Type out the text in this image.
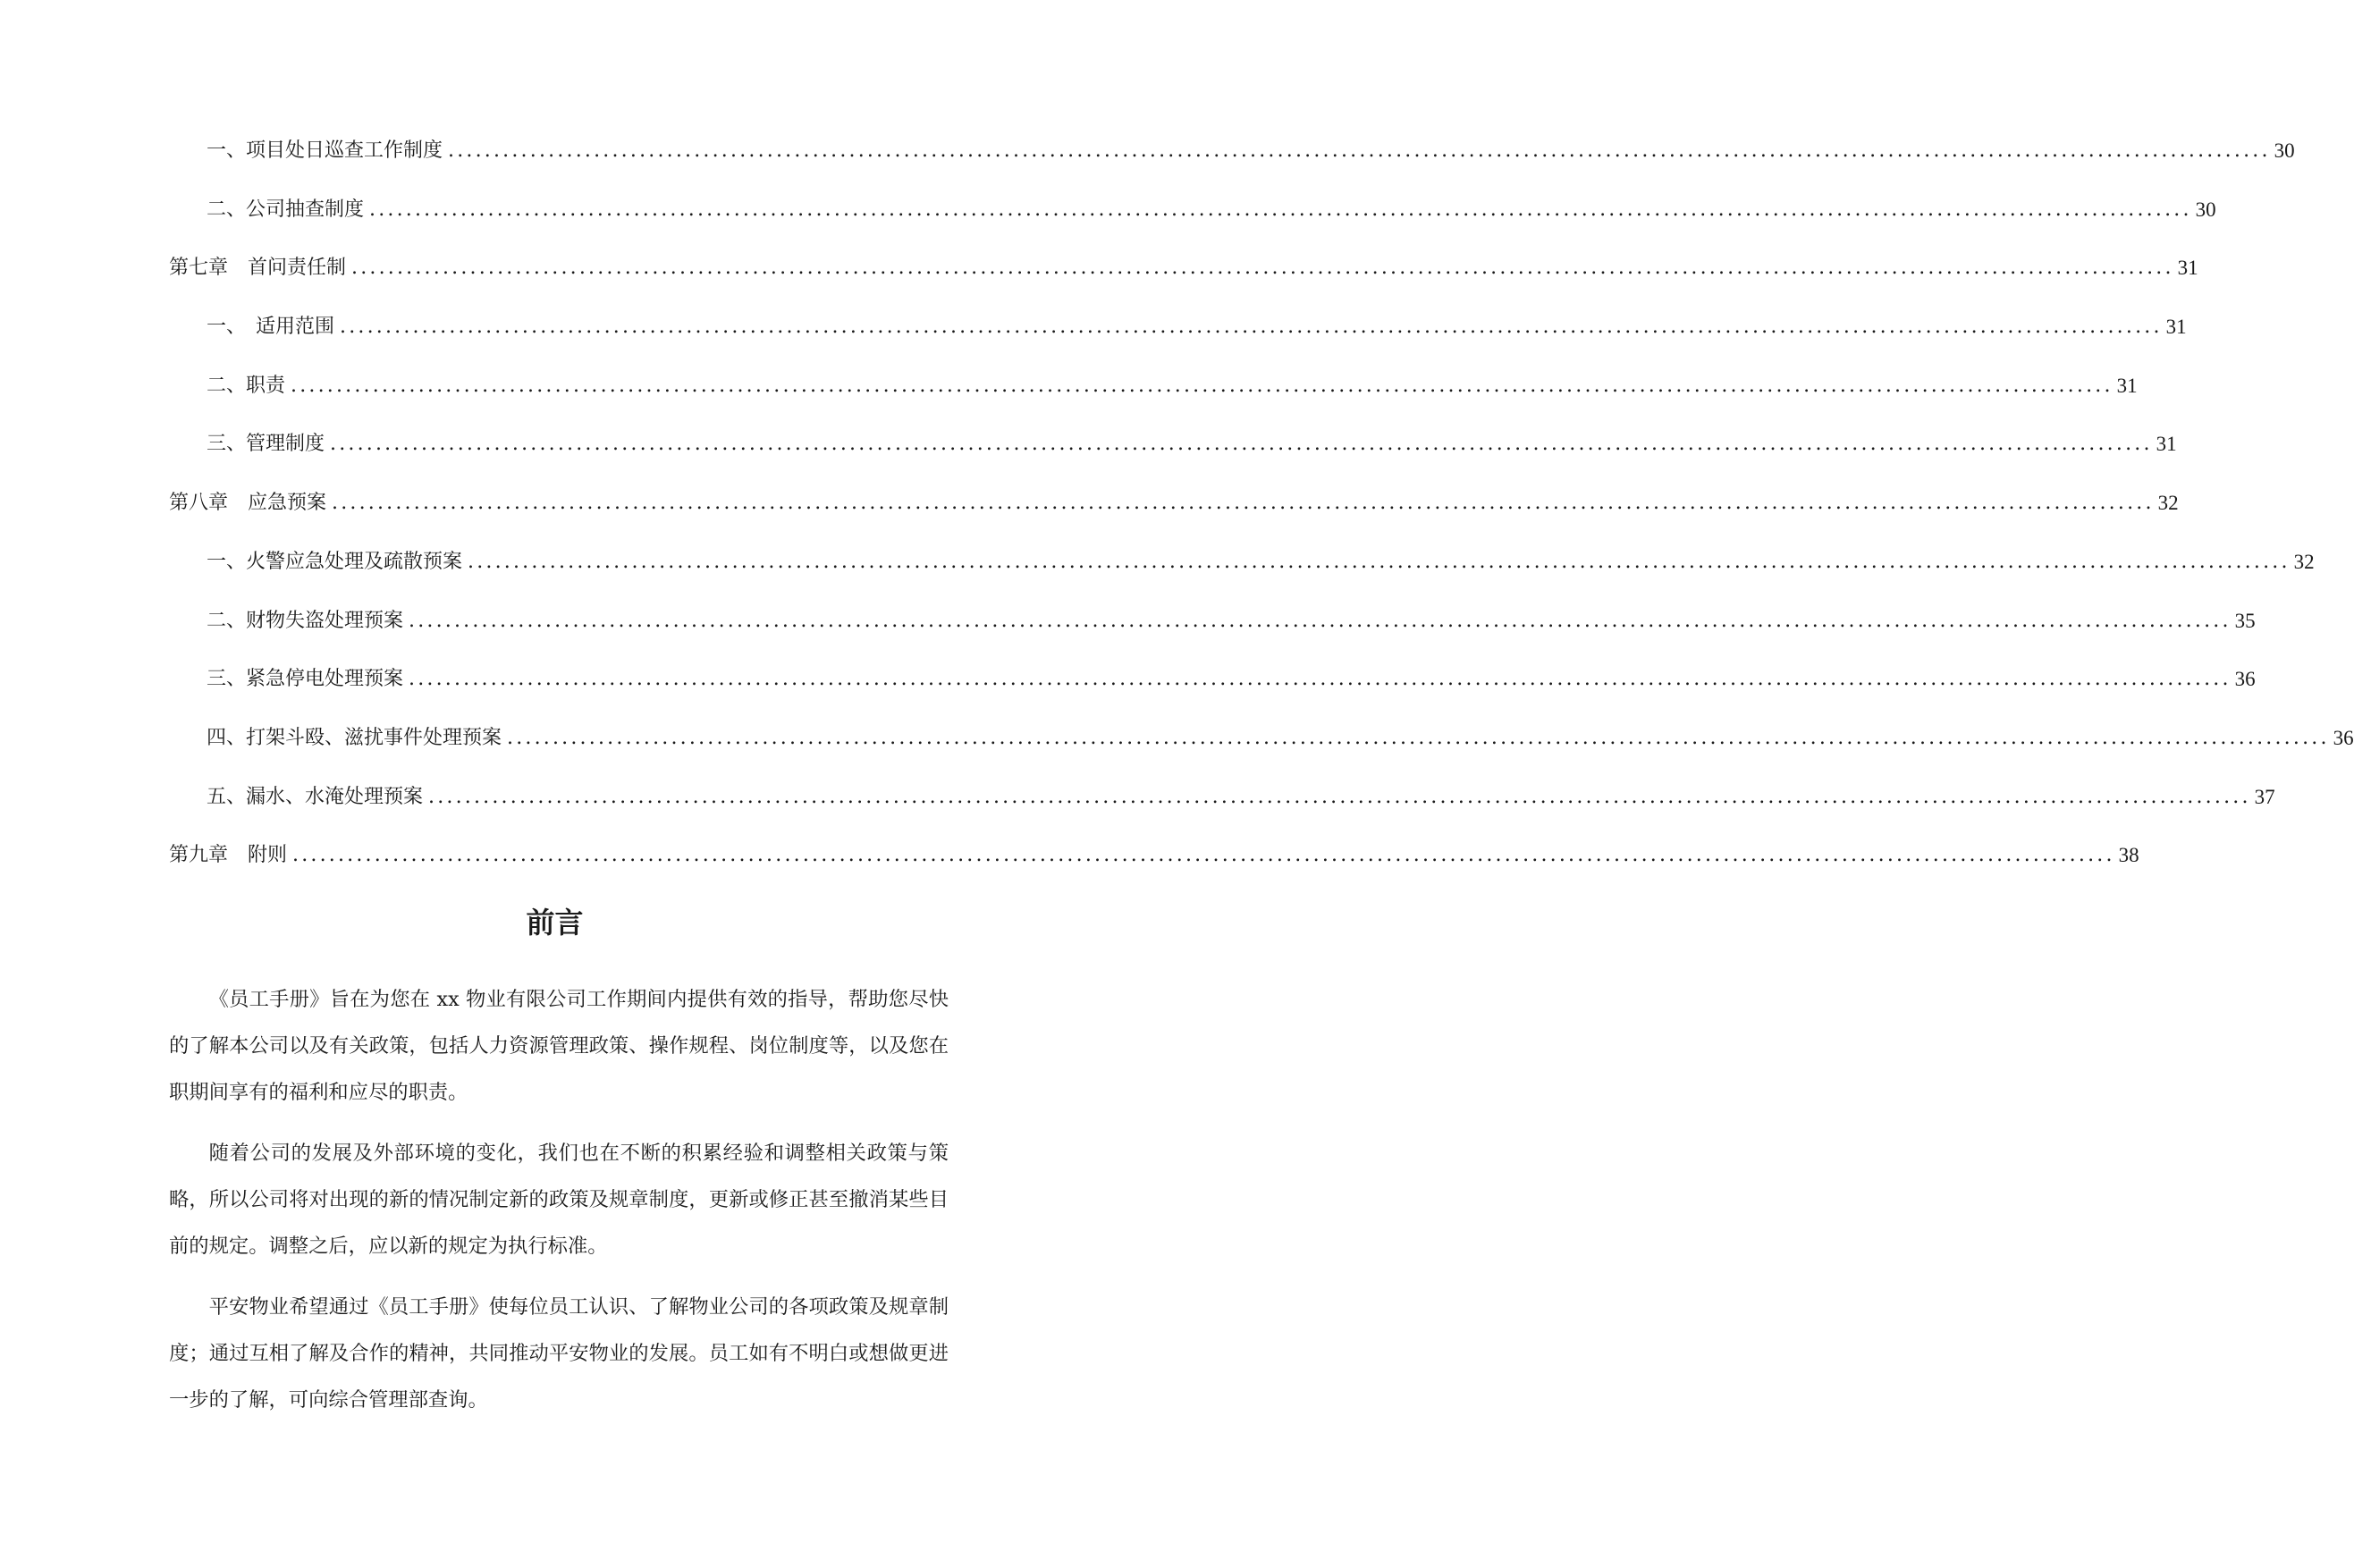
一、项目处日巡查工作制度 ........................................................................................................................................................................................................ 30
二、公司抽查制度 ........................................................................................................................................................................................................ 30
第七章　首问责任制 ........................................................................................................................................................................................................ 31
一、　适用范围 ........................................................................................................................................................................................................ 31
二、职责 ........................................................................................................................................................................................................ 31
三、管理制度 ........................................................................................................................................................................................................ 31
第八章　应急预案 ........................................................................................................................................................................................................ 32
一、火警应急处理及疏散预案 ........................................................................................................................................................................................................ 32
二、财物失盗处理预案 ........................................................................................................................................................................................................ 35
三、紧急停电处理预案 ........................................................................................................................................................................................................ 36
四、打架斗殴、滋扰事件处理预案 ........................................................................................................................................................................................................ 36
五、漏水、水淹处理预案 ........................................................................................................................................................................................................ 37
第九章　附则 ........................................................................................................................................................................................................ 38
前言

《员工手册》旨在为您在 xx 物业有限公司工作期间内提供有效的指导，帮助您尽快的了解本公司以及有关政策，包括人力资源管理政策、操作规程、岗位制度等，以及您在职期间享有的福利和应尽的职责。

随着公司的发展及外部环境的变化，我们也在不断的积累经验和调整相关政策与策略，所以公司将对出现的新的情况制定新的政策及规章制度，更新或修正甚至撤消某些目前的规定。调整之后，应以新的规定为执行标准。

平安物业希望通过《员工手册》使每位员工认识、了解物业公司的各项政策及规章制度；通过互相了解及合作的精神，共同推动平安物业的发展。员工如有不明白或想做更进一步的了解，可向综合管理部查询。
